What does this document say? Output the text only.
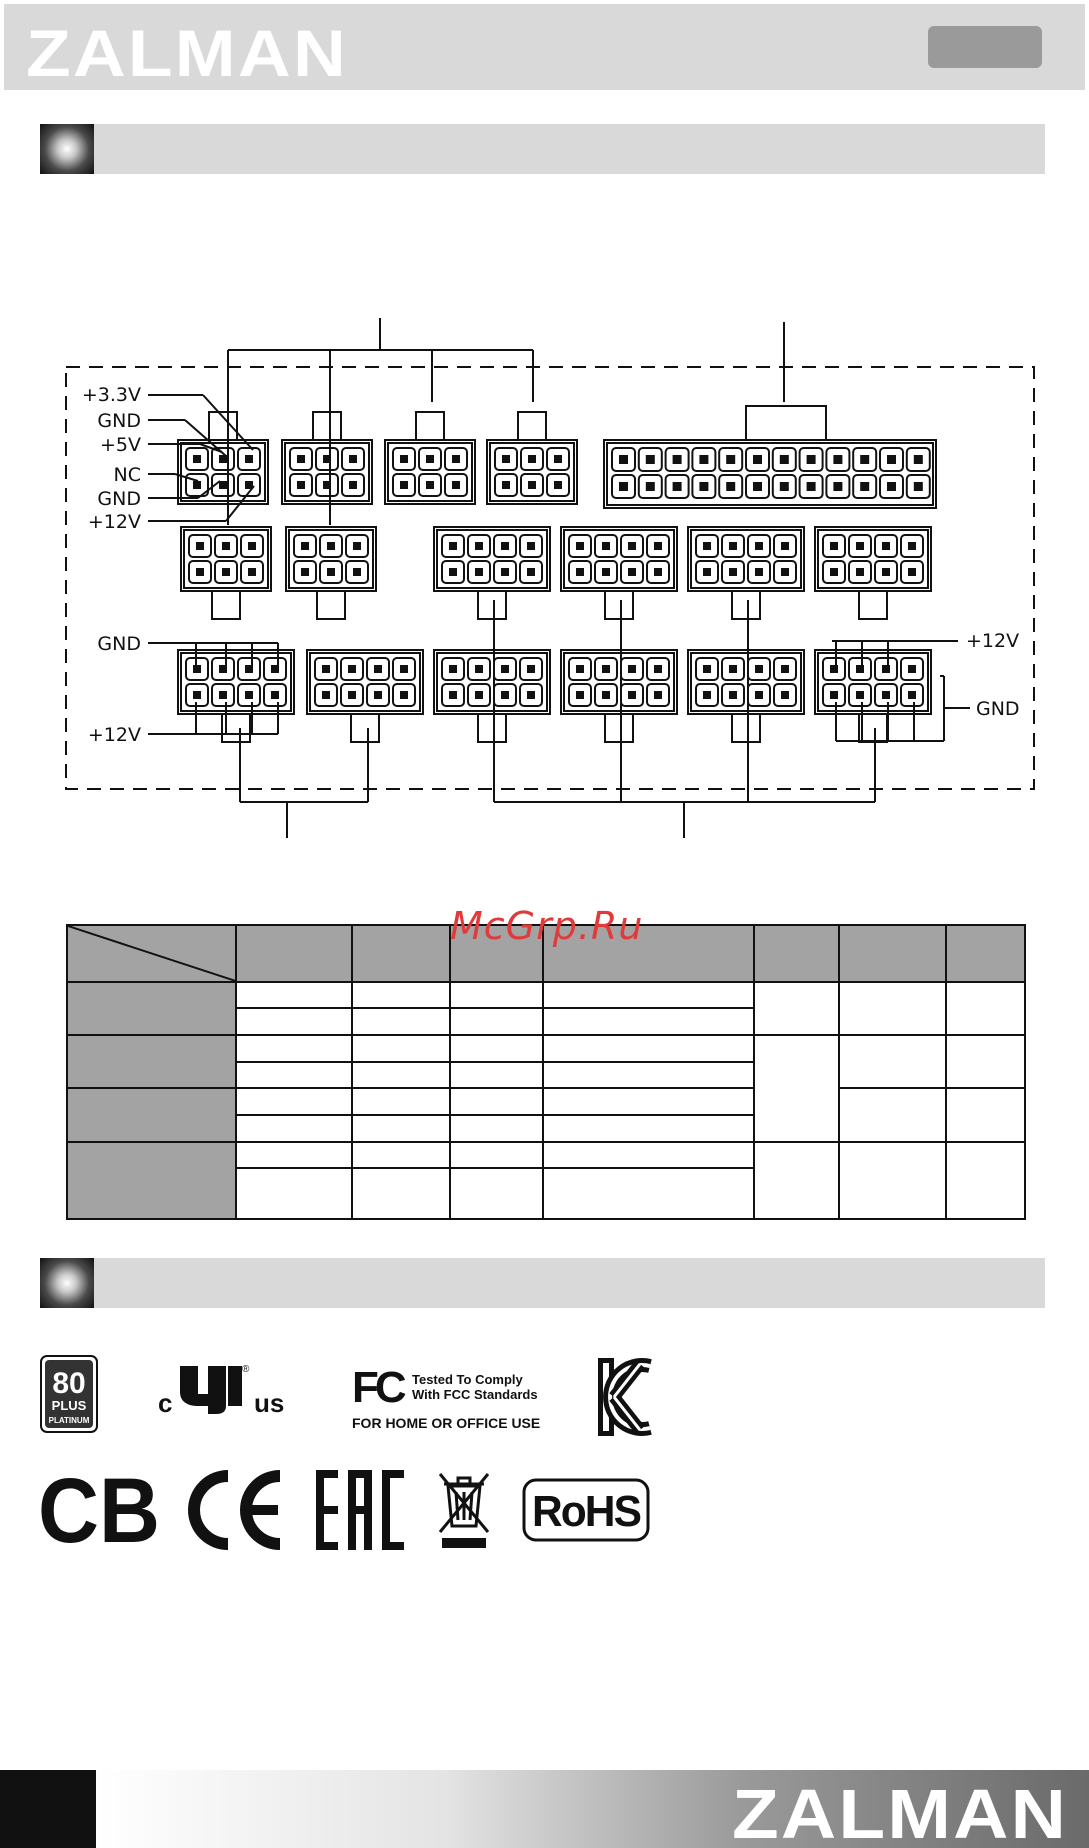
ZALMAN
+3.3V
GND
+5V
NC
GND
+12V
GND
+12V
+12V
GND

McGrp.Ru
80
PLUS
PLATINUM
c
®
us FC Tested To Comply
With FCC Standards
FOR HOME OR OFFICE USE
CB	RoHS
ZALMAN
